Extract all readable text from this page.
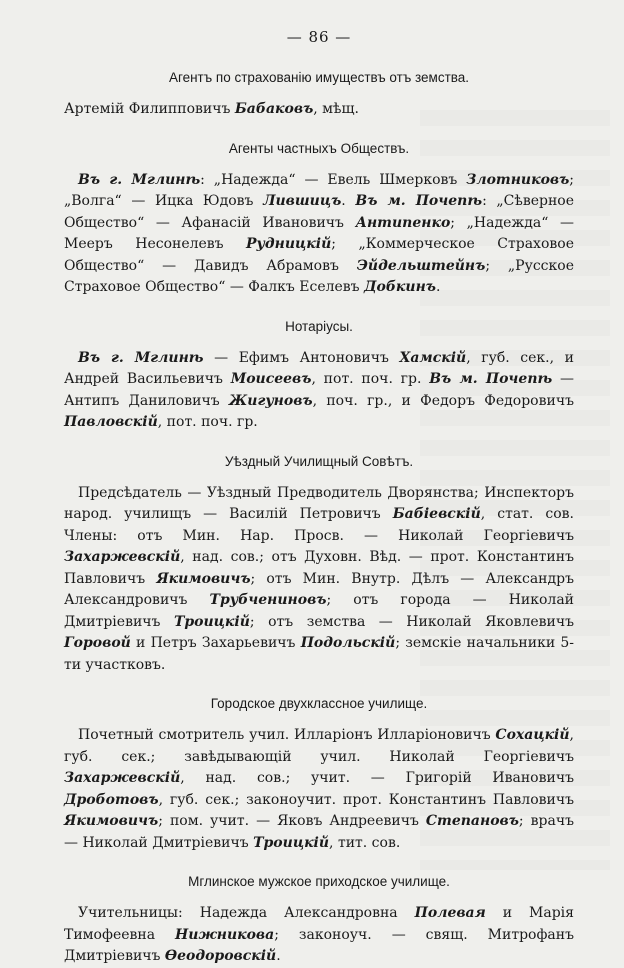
— 86 —
Агентъ по страхованію имуществъ отъ земства.
Артемій Филипповичъ Бабаковъ, мѣщ.
Агенты частныхъ Обществъ.
Въ г. Мглинѣ: „Надежда“ — Евель Шмерковъ Злотниковъ; „Волга“ — Ицка Юдовъ Лившицъ. Въ м. Почепѣ: „Сѣверное Общество“ — Афанасій Ивановичъ Антипенко; „Надежда“ — Мееръ Несонелевъ Рудницкій; „Коммерческое Страховое Общество“ — Давидъ Абрамовъ Эйдельштейнъ; „Русское Страховое Общество“ — Фалкъ Еселевъ Добкинъ.
Нотаріусы.
Въ г. Мглинѣ — Ефимъ Антоновичъ Хамскій, губ. сек., и Андрей Васильевичъ Моисеевъ, пот. поч. гр. Въ м. Почепѣ — Антипъ Даниловичъ Жигуновъ, поч. гр., и Федоръ Федоровичъ Павловскій, пот. поч. гр.
Уѣздный Училищный Совѣтъ.
Предсѣдатель — Уѣздный Предводитель Дворянства; Инспекторъ народ. училищъ — Василій Петровичъ Бабіевскій, стат. сов. Члены: отъ Мин. Нар. Просв. — Николай Георгіевичъ Захаржевскій, над. сов.; отъ Духовн. Вѣд. — прот. Константинъ Павловичъ Якимовичъ; отъ Мин. Внутр. Дѣлъ — Александръ Александровичъ Трубчениновъ; отъ города — Николай Дмитріевичъ Троицкій; отъ земства — Николай Яковлевичъ Горовой и Петръ Захарьевичъ Подольскій; земскіе начальники 5-ти участковъ.
Городское двухклассное училище.
Почетный смотритель учил. Илларіонъ Илларіоновичъ Сохацкій, губ. сек.; завѣдывающій учил. Николай Георгіевичъ Захаржевскій, над. сов.; учит. — Григорій Ивановичъ Дроботовъ, губ. сек.; законоучит. прот. Константинъ Павловичъ Якимовичъ; пом. учит. — Яковъ Андреевичъ Степановъ; врачъ — Николай Дмитріевичъ Троицкій, тит. сов.
Мглинское мужское приходское училище.
Учительницы: Надежда Александровна Полевая и Марія Тимофеевна Нижникова; законоуч. — свящ. Митрофанъ Дмитріевичъ Өеодоровскій.
